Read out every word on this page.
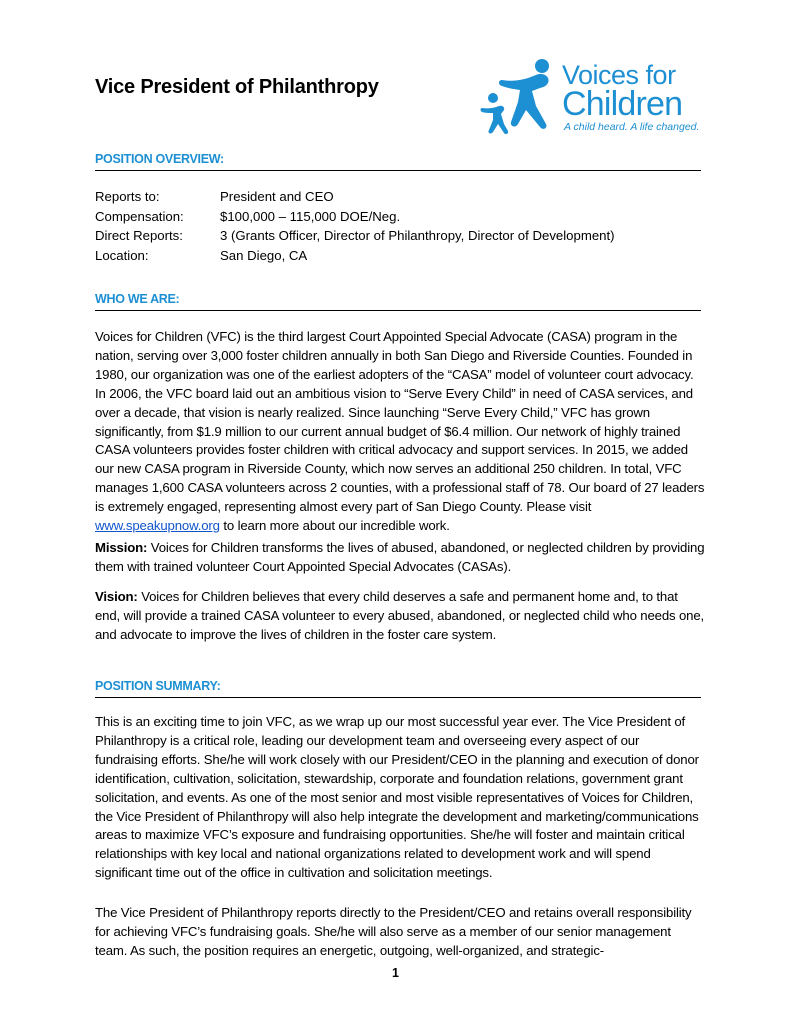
Vice President of Philanthropy	Voices for
Children
A child heard. A life changed.
POSITION OVERVIEW:
Reports to:	President and CEO
Compensation:	$100,000 – 115,000 DOE/Neg.
Direct Reports:	3 (Grants Officer, Director of Philanthropy, Director of Development)
Location:	San Diego, CA
WHO WE ARE:

Voices for Children (VFC) is the third largest Court Appointed Special Advocate (CASA) program in the nation, serving over 3,000 foster children annually in both San Diego and Riverside Counties. Founded in 1980, our organization was one of the earliest adopters of the “CASA” model of volunteer court advocacy. In 2006, the VFC board laid out an ambitious vision to “Serve Every Child” in need of CASA services, and over a decade, that vision is nearly realized. Since launching “Serve Every Child,” VFC has grown significantly, from $1.9 million to our current annual budget of $6.4 million. Our network of highly trained CASA volunteers provides foster children with critical advocacy and support services. In 2015, we added our new CASA program in Riverside County, which now serves an additional 250 children. In total, VFC manages 1,600 CASA volunteers across 2 counties, with a professional staff of 78. Our board of 27 leaders is extremely engaged, representing almost every part of San Diego County. Please visit www.speakupnow.org to learn more about our incredible work.

Mission: Voices for Children transforms the lives of abused, abandoned, or neglected children by providing them with trained volunteer Court Appointed Special Advocates (CASAs).

Vision: Voices for Children believes that every child deserves a safe and permanent home and, to that end, will provide a trained CASA volunteer to every abused, abandoned, or neglected child who needs one, and advocate to improve the lives of children in the foster care system.

POSITION SUMMARY:

This is an exciting time to join VFC, as we wrap up our most successful year ever. The Vice President of Philanthropy is a critical role, leading our development team and overseeing every aspect of our fundraising efforts. She/he will work closely with our President/CEO in the planning and execution of donor identification, cultivation, solicitation, stewardship, corporate and foundation relations, government grant solicitation, and events. As one of the most senior and most visible representatives of Voices for Children, the Vice President of Philanthropy will also help integrate the development and marketing/communications areas to maximize VFC’s exposure and fundraising opportunities. She/he will foster and maintain critical relationships with key local and national organizations related to development work and will spend significant time out of the office in cultivation and solicitation meetings.

The Vice President of Philanthropy reports directly to the President/CEO and retains overall responsibility for achieving VFC’s fundraising goals. She/he will also serve as a member of our senior management team. As such, the position requires an energetic, outgoing, well-organized, and strategic-

1
